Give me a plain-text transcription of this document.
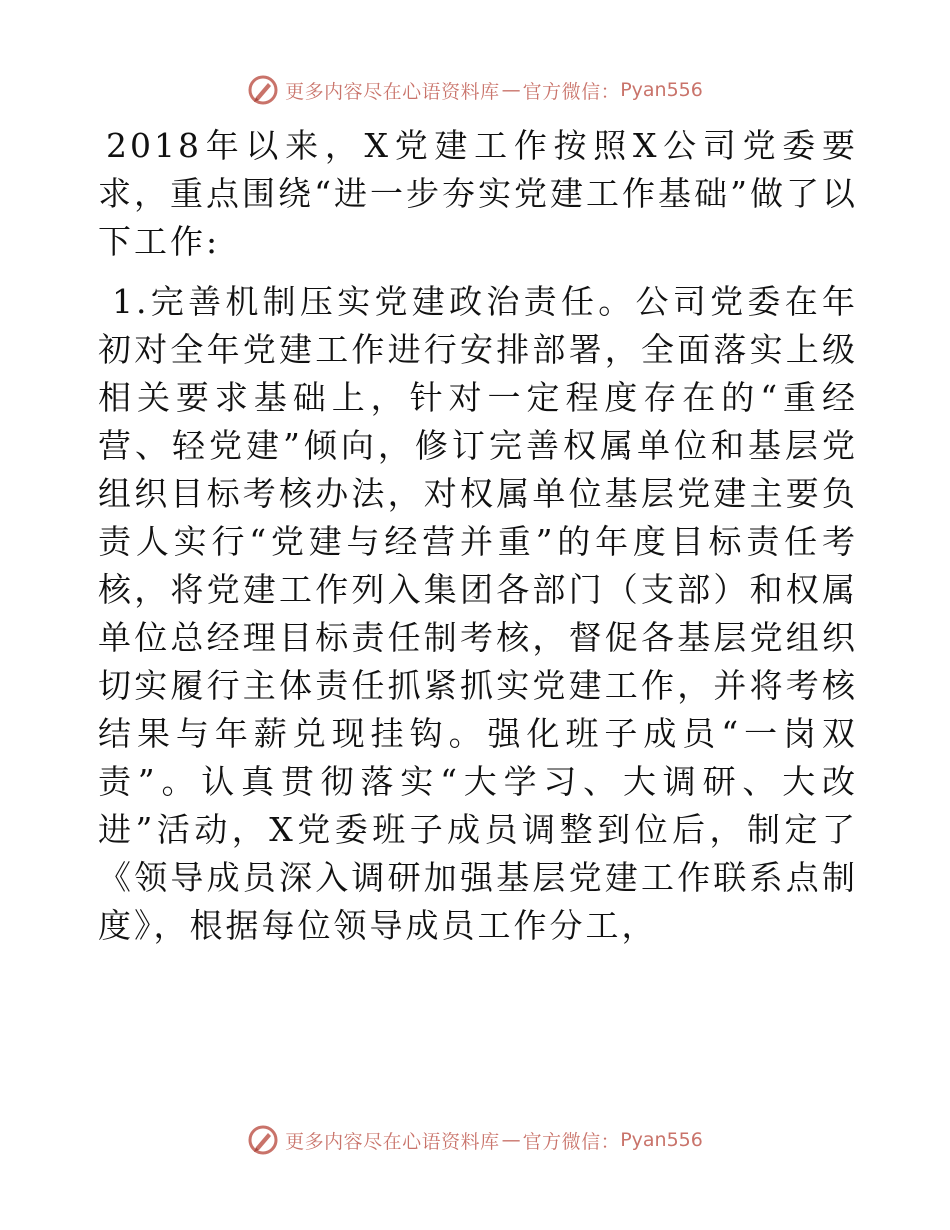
更多内容尽在心语资料库 — 官方微信： Pyan556

2018年以来，X党建工作按照X公司党委要求，重点围绕“进一步夯实党建工作基础”做了以下工作:

1.完善机制压实党建政治责任。公司党委在年初对全年党建工作进行安排部署，全面落实上级相关要求基础上，针对一定程度存在的“重经营、轻党建”倾向，修订完善权属单位和基层党组织目标考核办法，对权属单位基层党建主要负责人实行“党建与经营并重”的年度目标责任考核，将党建工作列入集团各部门（支部）和权属单位总经理目标责任制考核，督促各基层党组织切实履行主体责任抓紧抓实党建工作，并将考核结果与年薪兑现挂钩。强化班子成员“一岗双责”。认真贯彻落实“大学习、大调研、大改进”活动，X党委班子成员调整到位后，制定了《领导成员深入调研加强基层党建工作联系点制度》，根据每位领导成员工作分工，

更多内容尽在心语资料库 — 官方微信： Pyan556
